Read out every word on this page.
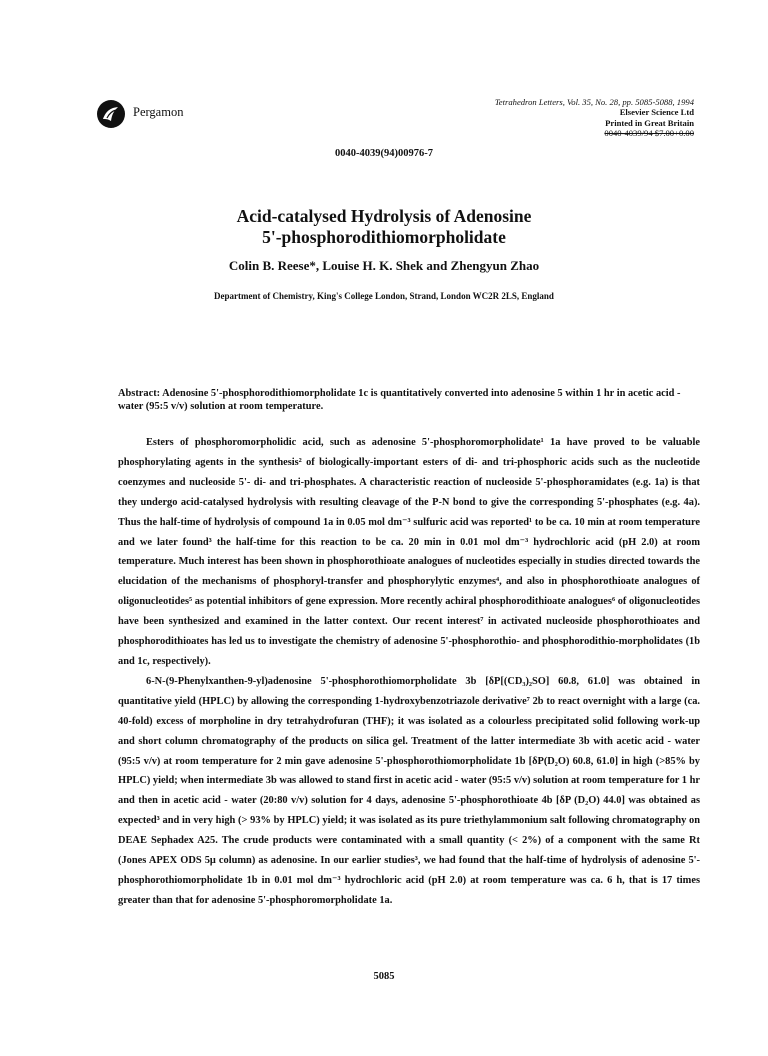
Pergamon
Tetrahedron Letters, Vol. 35, No. 28, pp. 5085-5088, 1994
Elsevier Science Ltd
Printed in Great Britain
0040-4039/94 $7.00+0.00
0040-4039(94)00976-7
Acid-catalysed Hydrolysis of Adenosine
5'-phosphorodithiomorpholidate
Colin B. Reese*, Louise H. K. Shek and Zhengyun Zhao
Department of Chemistry, King's College London, Strand, London WC2R 2LS, England
Abstract: Adenosine 5'-phosphorodithiomorpholidate 1c is quantitatively converted into adenosine 5 within 1 hr in acetic acid - water (95:5 v/v) solution at room temperature.

Esters of phosphoromorpholidic acid, such as adenosine 5'-phosphoromorpholidate¹ 1a have proved to be valuable phosphorylating agents in the synthesis² of biologically-important esters of di- and tri-phosphoric acids such as the nucleotide coenzymes and nucleoside 5'- di- and tri-phosphates. A characteristic reaction of nucleoside 5'-phosphoramidates (e.g. 1a) is that they undergo acid-catalysed hydrolysis with resulting cleavage of the P-N bond to give the corresponding 5'-phosphates (e.g. 4a). Thus the half-time of hydrolysis of compound 1a in 0.05 mol dm⁻³ sulfuric acid was reported¹ to be ca. 10 min at room temperature and we later found³ the half-time for this reaction to be ca. 20 min in 0.01 mol dm⁻³ hydrochloric acid (pH 2.0) at room temperature. Much interest has been shown in phosphorothioate analogues of nucleotides especially in studies directed towards the elucidation of the mechanisms of phosphoryl-transfer and phosphorylytic enzymes⁴, and also in phosphorothioate analogues of oligonucleotides⁵ as potential inhibitors of gene expression. More recently achiral phosphorodithioate analogues⁶ of oligonucleotides have been synthesized and examined in the latter context. Our recent interest⁷ in activated nucleoside phosphorothioates and phosphorodithioates has led us to investigate the chemistry of adenosine 5'-phosphorothio- and phosphorodithio-morpholidates (1b and 1c, respectively).

6-N-(9-Phenylxanthen-9-yl)adenosine 5'-phosphorothiomorpholidate 3b [δP[(CD₃)₂SO] 60.8, 61.0] was obtained in quantitative yield (HPLC) by allowing the corresponding 1-hydroxybenzotriazole derivative⁷ 2b to react overnight with a large (ca. 40-fold) excess of morpholine in dry tetrahydrofuran (THF); it was isolated as a colourless precipitated solid following work-up and short column chromatography of the products on silica gel. Treatment of the latter intermediate 3b with acetic acid - water (95:5 v/v) at room temperature for 2 min gave adenosine 5'-phosphorothiomorpholidate 1b [δP(D₂O) 60.8, 61.0] in high (>85% by HPLC) yield; when intermediate 3b was allowed to stand first in acetic acid - water (95:5 v/v) solution at room temperature for 1 hr and then in acetic acid - water (20:80 v/v) solution for 4 days, adenosine 5'-phosphorothioate 4b [δP (D₂O) 44.0] was obtained as expected³ and in very high (> 93% by HPLC) yield; it was isolated as its pure triethylammonium salt following chromatography on DEAE Sephadex A25. The crude products were contaminated with a small quantity (< 2%) of a component with the same Rt (Jones APEX ODS 5μ column) as adenosine. In our earlier studies³, we had found that the half-time of hydrolysis of adenosine 5'-phosphorothiomorpholidate 1b in 0.01 mol dm⁻³ hydrochloric acid (pH 2.0) at room temperature was ca. 6 h, that is 17 times greater than that for adenosine 5'-phosphoromorpholidate 1a.

5085
